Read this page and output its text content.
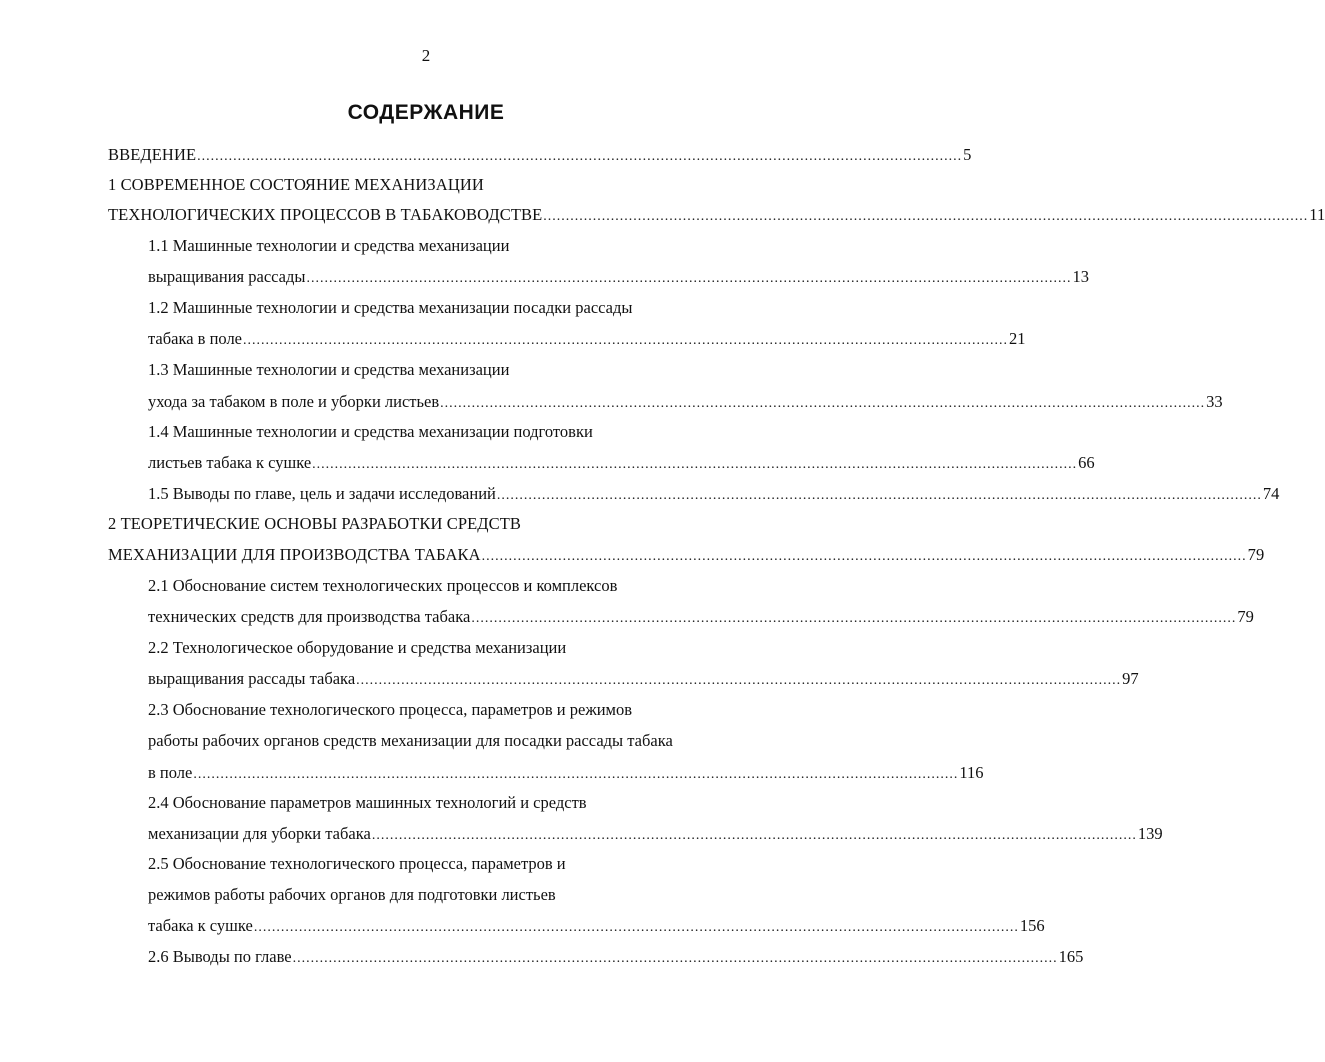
2
СОДЕРЖАНИЕ
ВВЕДЕНИЕ .......................................................................................................................................................................... 5
1 СОВРЕМЕННОЕ СОСТОЯНИЕ МЕХАНИЗАЦИИ
ТЕХНОЛОГИЧЕСКИХ ПРОЦЕССОВ В ТАБАКОВОДСТВЕ .......................................................................................................................................................................... 11
1.1 Машинные технологии и средства механизации
выращивания рассады .......................................................................................................................................................................... 13
1.2 Машинные технологии и средства механизации посадки рассады
табака в поле .......................................................................................................................................................................... 21
1.3 Машинные технологии и средства механизации
ухода за табаком в поле и уборки листьев .......................................................................................................................................................................... 33
1.4 Машинные технологии и средства механизации подготовки
листьев табака к сушке .......................................................................................................................................................................... 66
1.5 Выводы по главе, цель и задачи исследований .......................................................................................................................................................................... 74
2 ТЕОРЕТИЧЕСКИЕ ОСНОВЫ РАЗРАБОТКИ СРЕДСТВ
МЕХАНИЗАЦИИ ДЛЯ ПРОИЗВОДСТВА ТАБАКА .......................................................................................................................................................................... 79
2.1 Обоснование систем технологических процессов и комплексов
технических средств для производства табака .......................................................................................................................................................................... 79
2.2 Технологическое оборудование и средства механизации
выращивания рассады табака .......................................................................................................................................................................... 97
2.3 Обоснование технологического процесса, параметров и режимов
работы рабочих органов средств механизации для посадки рассады табака
в поле .......................................................................................................................................................................... 116
2.4 Обоснование параметров машинных технологий и средств
механизации для уборки табака .......................................................................................................................................................................... 139
2.5 Обоснование технологического процесса, параметров и
режимов работы рабочих органов для подготовки листьев
табака к сушке .......................................................................................................................................................................... 156
2.6 Выводы по главе .......................................................................................................................................................................... 165
